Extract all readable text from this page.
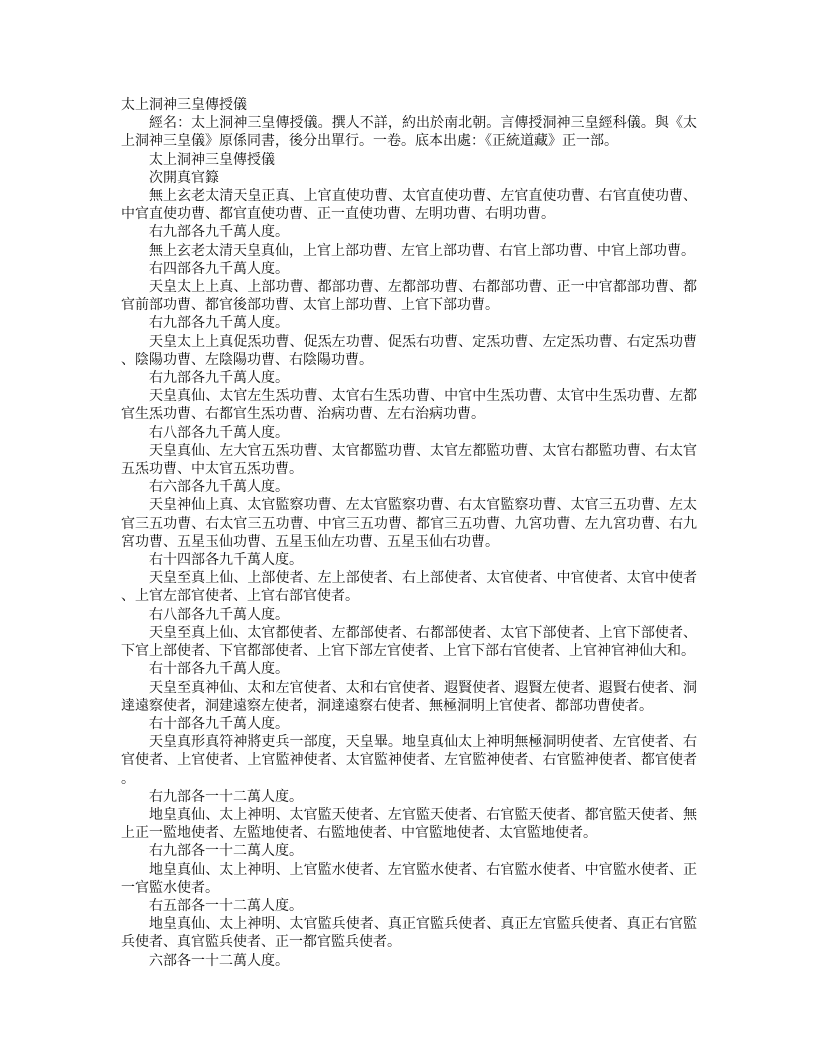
太上洞神三皇傳授儀

經名：太上洞神三皇傳授儀。撰人不詳，約出於南北朝。言傳授洞神三皇經科儀。與《太上洞神三皇儀》原係同書，後分出單行。一卷。底本出處：《正統道藏》正一部。

太上洞神三皇傳授儀

次開真官籙

無上玄老太清天皇正真、上官直使功曹、太官直使功曹、左官直使功曹、右官直使功曹、中官直使功曹、都官直使功曹、正一直使功曹、左明功曹、右明功曹。

右九部各九千萬人度。

無上玄老太清天皇真仙，上官上部功曹、左官上部功曹、右官上部功曹、中官上部功曹。

右四部各九千萬人度。

天皇太上上真、上部功曹、都部功曹、左都部功曹、右都部功曹、正一中官都部功曹、都官前部功曹、都官後部功曹、太官上部功曹、上官下部功曹。

右九部各九千萬人度。

天皇太上上真促炁功曹、促炁左功曹、促炁右功曹、定炁功曹、左定炁功曹、右定炁功曹、陰陽功曹、左陰陽功曹、右陰陽功曹。

右九部各九千萬人度。

天皇真仙、太官左生炁功曹、太官右生炁功曹、中官中生炁功曹、太官中生炁功曹、左都官生炁功曹、右都官生炁功曹、治病功曹、左右治病功曹。

右八部各九千萬人度。

天皇真仙、左大官五炁功曹、太官都監功曹、太官左都監功曹、太官右都監功曹、右太官五炁功曹、中太官五炁功曹。

右六部各九千萬人度。

天皇神仙上真、太官監察功曹、左太官監察功曹、右太官監察功曹、太官三五功曹、左太官三五功曹、右太官三五功曹、中官三五功曹、都官三五功曹、九宮功曹、左九宮功曹、右九宮功曹、五星玉仙功曹、五星玉仙左功曹、五星玉仙右功曹。

右十四部各九千萬人度。

天皇至真上仙、上部使者、左上部使者、右上部使者、太官使者、中官使者、太官中使者、上官左部官使者、上官右部官使者。

右八部各九千萬人度。

天皇至真上仙、太官都使者、左都部使者、右都部使者、太官下部使者、上官下部使者、下官上部使者、下官都部使者、上官下部左官使者、上官下部右官使者、上官神官神仙大和。

右十部各九千萬人度。

天皇至真神仙、太和左官使者、太和右官使者、遐賢使者、遐賢左使者、遐賢右使者、洞達遠察使者，洞建遠察左使者，洞達遠察右使者、無極洞明上官使者、都部功曹使者。

右十部各九千萬人度。

天皇真形真符神將吏兵一部度，天皇畢。地皇真仙太上神明無極洞明使者、左官使者、右官使者、上官使者、上官監神使者、太官監神使者、左官監神使者、右官監神使者、都官使者。

右九部各一十二萬人度。

地皇真仙、太上神明、太官監天使者、左官監天使者、右官監天使者、都官監天使者、無上正一監地使者、左監地使者、右監地使者、中官監地使者、太官監地使者。

右九部各一十二萬人度。

地皇真仙、太上神明、上官監水使者、左官監水使者、右官監水使者、中官監水使者、正一官監水使者。

右五部各一十二萬人度。

地皇真仙、太上神明、太官監兵使者、真正官監兵使者、真正左官監兵使者、真正右官監兵使者、真官監兵使者、正一都官監兵使者。

六部各一十二萬人度。
